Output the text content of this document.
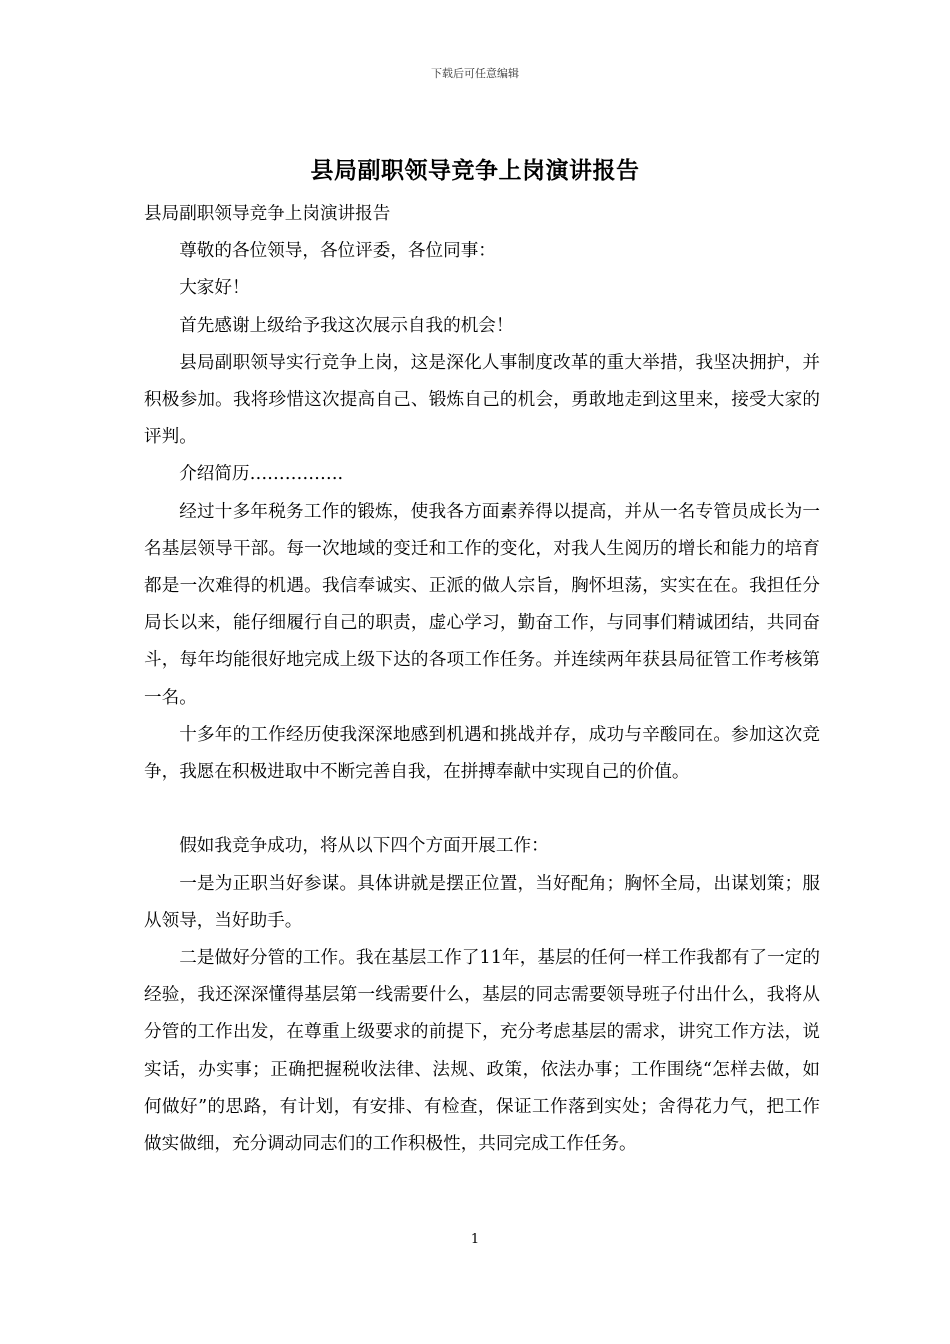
下载后可任意编辑
县局副职领导竞争上岗演讲报告

县局副职领导竞争上岗演讲报告

尊敬的各位领导，各位评委，各位同事：

大家好！

首先感谢上级给予我这次展示自我的机会！

县局副职领导实行竞争上岗，这是深化人事制度改革的重大举措，我坚决拥护，并积极参加。我将珍惜这次提高自己、锻炼自己的机会，勇敢地走到这里来，接受大家的评判。

介绍简历…………….

经过十多年税务工作的锻炼，使我各方面素养得以提高，并从一名专管员成长为一名基层领导干部。每一次地域的变迁和工作的变化，对我人生阅历的增长和能力的培育都是一次难得的机遇。我信奉诚实、正派的做人宗旨，胸怀坦荡，实实在在。我担任分局长以来，能仔细履行自己的职责，虚心学习，勤奋工作，与同事们精诚团结，共同奋斗，每年均能很好地完成上级下达的各项工作任务。并连续两年获县局征管工作考核第一名。

十多年的工作经历使我深深地感到机遇和挑战并存，成功与辛酸同在。参加这次竞争，我愿在积极进取中不断完善自我，在拼搏奉献中实现自己的价值。

假如我竞争成功，将从以下四个方面开展工作：

一是为正职当好参谋。具体讲就是摆正位置，当好配角；胸怀全局，出谋划策；服从领导，当好助手。

二是做好分管的工作。我在基层工作了11年，基层的任何一样工作我都有了一定的经验，我还深深懂得基层第一线需要什么，基层的同志需要领导班子付出什么，我将从分管的工作出发，在尊重上级要求的前提下，充分考虑基层的需求，讲究工作方法，说实话，办实事；正确把握税收法律、法规、政策，依法办事；工作围绕“怎样去做，如何做好”的思路，有计划，有安排、有检查，保证工作落到实处；舍得花力气，把工作做实做细，充分调动同志们的工作积极性，共同完成工作任务。

1
